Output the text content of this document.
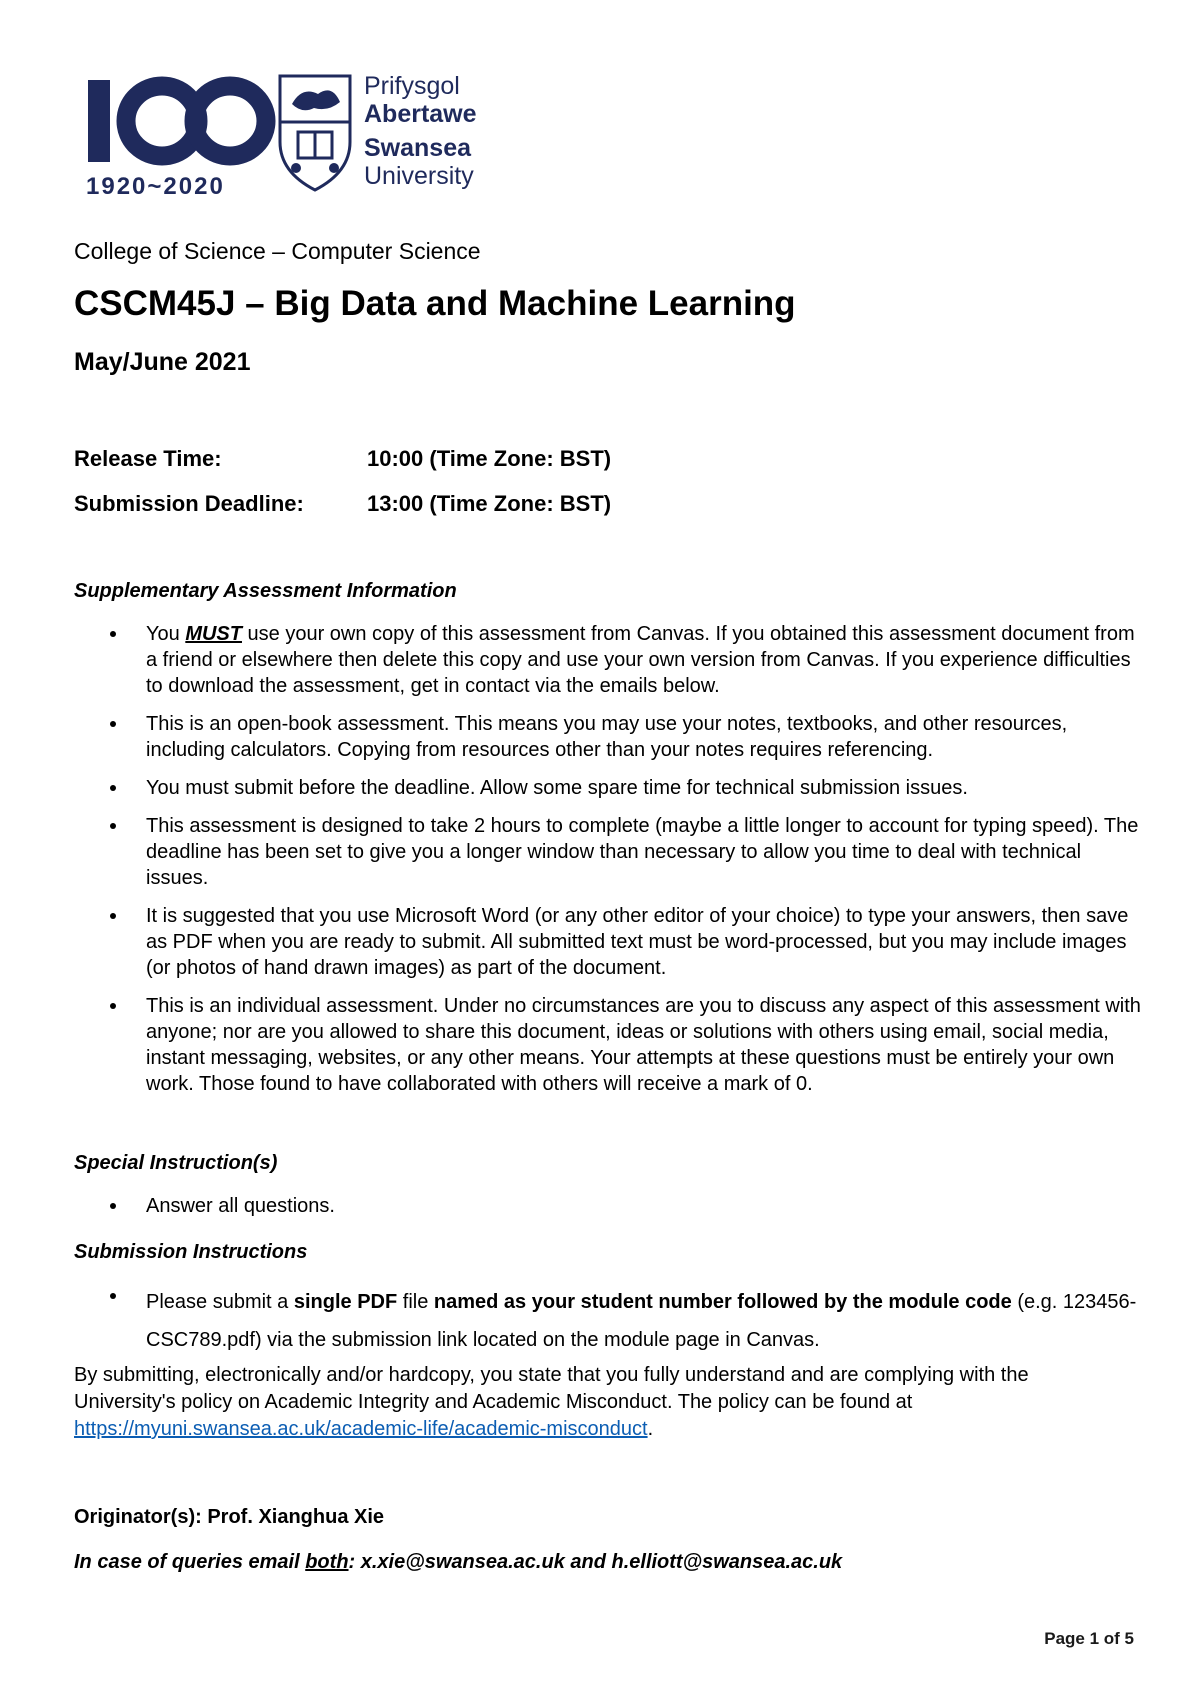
1920~2020
Prifysgol
Abertawe
Swansea
University
College of Science – Computer Science
CSCM45J – Big Data and Machine Learning
May/June 2021
Release Time:	10:00 (Time Zone: BST)
Submission Deadline:	13:00 (Time Zone: BST)
Supplementary Assessment Information
You MUST use your own copy of this assessment from Canvas. If you obtained this assessment document from a friend or elsewhere then delete this copy and use your own version from Canvas. If you experience difficulties to download the assessment, get in contact via the emails below.
This is an open-book assessment. This means you may use your notes, textbooks, and other resources, including calculators. Copying from resources other than your notes requires referencing.
You must submit before the deadline. Allow some spare time for technical submission issues.
This assessment is designed to take 2 hours to complete (maybe a little longer to account for typing speed). The deadline has been set to give you a longer window than necessary to allow you time to deal with technical issues.
It is suggested that you use Microsoft Word (or any other editor of your choice) to type your answers, then save as PDF when you are ready to submit. All submitted text must be word-processed, but you may include images (or photos of hand drawn images) as part of the document.
This is an individual assessment. Under no circumstances are you to discuss any aspect of this assessment with anyone; nor are you allowed to share this document, ideas or solutions with others using email, social media, instant messaging, websites, or any other means. Your attempts at these questions must be entirely your own work. Those found to have collaborated with others will receive a mark of 0.
Special Instruction(s)
Answer all questions.
Submission Instructions
Please submit a single PDF file named as your student number followed by the module code (e.g. 123456-CSC789.pdf) via the submission link located on the module page in Canvas.
By submitting, electronically and/or hardcopy, you state that you fully understand and are complying with the University's policy on Academic Integrity and Academic Misconduct. The policy can be found at https://myuni.swansea.ac.uk/academic-life/academic-misconduct.
Originator(s): Prof. Xianghua Xie
In case of queries email both: x.xie@swansea.ac.uk and h.elliott@swansea.ac.uk
Page 1 of 5
